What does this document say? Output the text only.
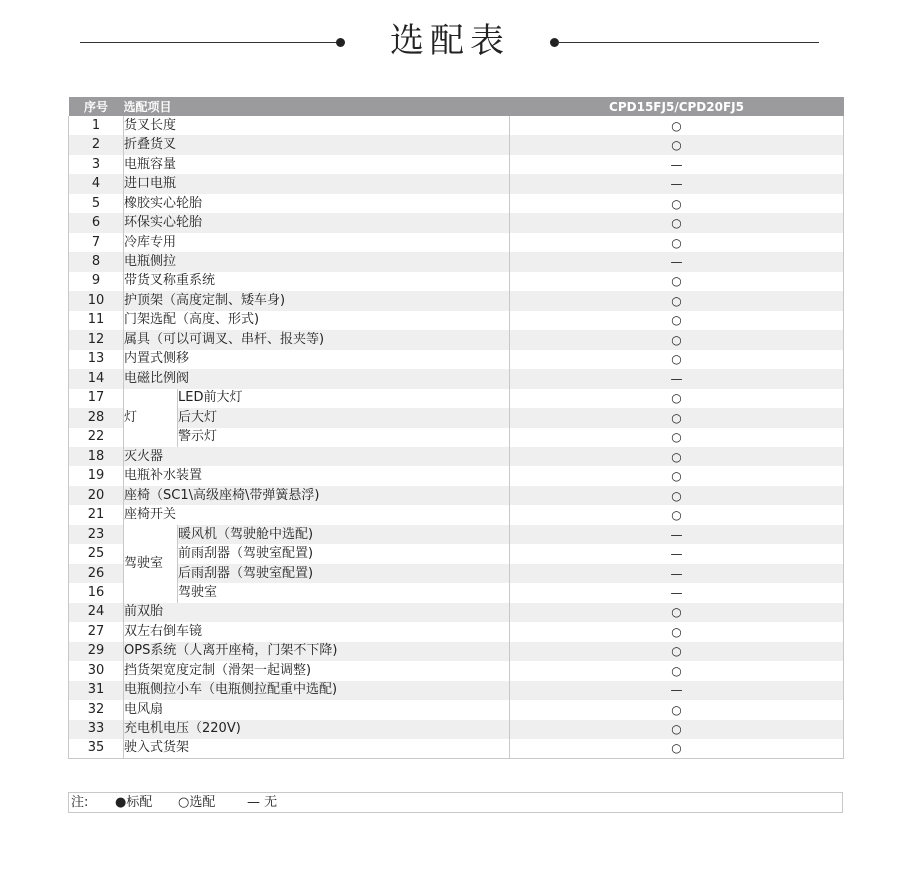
选配表
序号	选配项目		CPD15FJ5/CPD20FJ5
1	货叉长度		○
2	折叠货叉		○
3	电瓶容量		—
4	进口电瓶		—
5	橡胶实心轮胎		○
6	环保实心轮胎		○
7	冷库专用		○
8	电瓶侧拉		—
9	带货叉称重系统		○
10	护顶架（高度定制、矮车身)		○
11	门架选配（高度、形式)		○
12	属具（可以可调叉、串杆、报夹等)		○
13	内置式侧移		○
14	电磁比例阀		—
17	灯	LED前大灯	○
28		后大灯	○
22		警示灯	○
18	灭火器		○
19	电瓶补水装置		○
20	座椅（SC1\高级座椅\带弹簧悬浮)		○
21	座椅开关		○
23	驾驶室	暖风机（驾驶舱中选配)	—
25		前雨刮器（驾驶室配置)	—
26		后雨刮器（驾驶室配置)	—
16		驾驶室	—
24	前双胎		○
27	双左右倒车镜		○
29	OPS系统（人离开座椅，门架不下降)		○
30	挡货架宽度定制（滑架一起调整)		○
31	电瓶侧拉小车（电瓶侧拉配重中选配)		—
32	电风扇		○
33	充电机电压（220V)		○
35	驶入式货架		○
注: ●标配 ○选配 — 无
